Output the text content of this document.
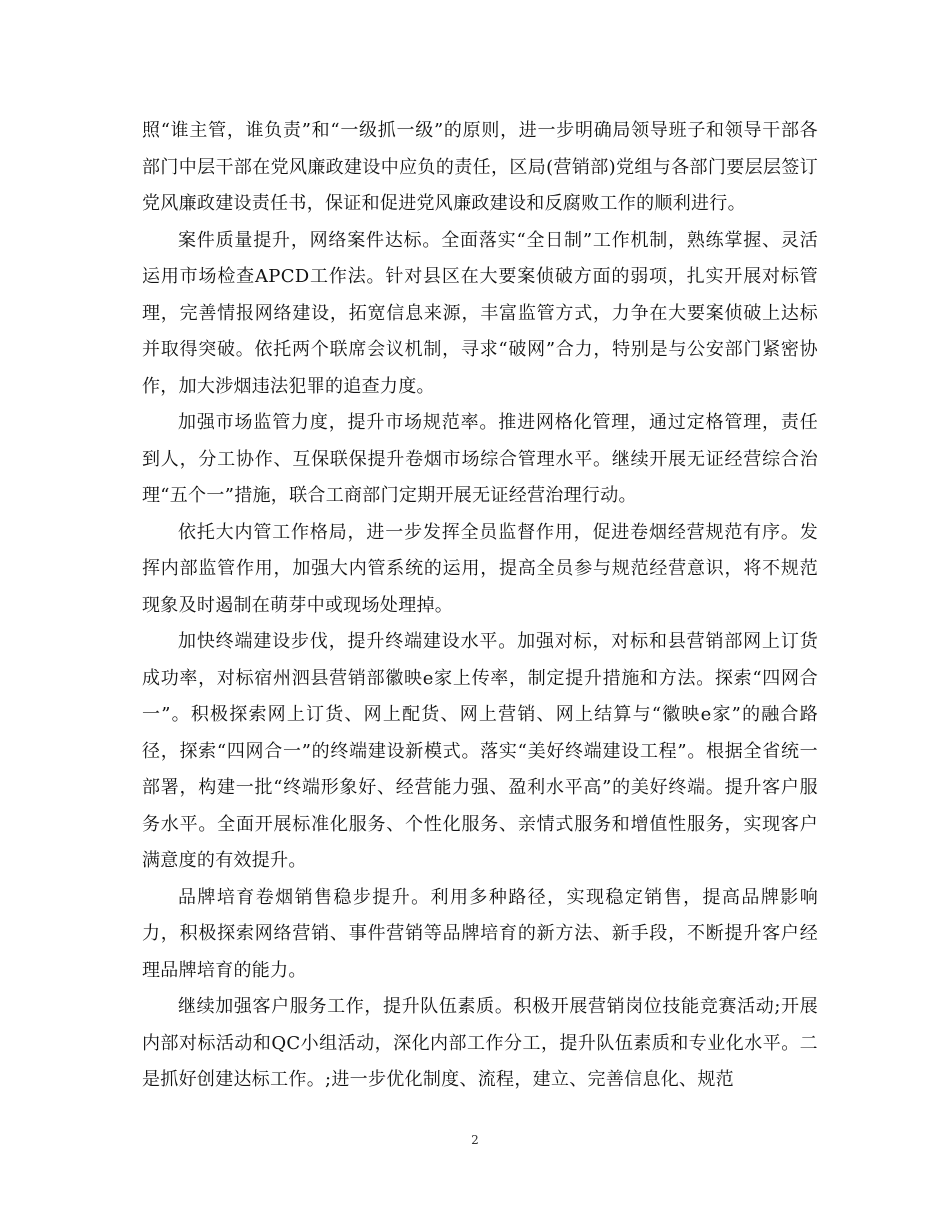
照“谁主管，谁负责”和“一级抓一级”的原则，进一步明确局领导班子和领导干部各部门中层干部在党风廉政建设中应负的责任，区局(营销部)党组与各部门要层层签订党风廉政建设责任书，保证和促进党风廉政建设和反腐败工作的顺利进行。

案件质量提升，网络案件达标。全面落实“全日制”工作机制，熟练掌握、灵活运用市场检查APCD工作法。针对县区在大要案侦破方面的弱项，扎实开展对标管理，完善情报网络建设，拓宽信息来源，丰富监管方式，力争在大要案侦破上达标并取得突破。依托两个联席会议机制，寻求“破网”合力，特别是与公安部门紧密协作，加大涉烟违法犯罪的追查力度。

加强市场监管力度，提升市场规范率。推进网格化管理，通过定格管理，责任到人，分工协作、互保联保提升卷烟市场综合管理水平。继续开展无证经营综合治理“五个一”措施，联合工商部门定期开展无证经营治理行动。

依托大内管工作格局，进一步发挥全员监督作用，促进卷烟经营规范有序。发挥内部监管作用，加强大内管系统的运用，提高全员参与规范经营意识，将不规范现象及时遏制在萌芽中或现场处理掉。

加快终端建设步伐，提升终端建设水平。加强对标，对标和县营销部网上订货成功率，对标宿州泗县营销部徽映e家上传率，制定提升措施和方法。探索“四网合一”。积极探索网上订货、网上配货、网上营销、网上结算与“徽映e家”的融合路径，探索“四网合一”的终端建设新模式。落实“美好终端建设工程”。根据全省统一部署，构建一批“终端形象好、经营能力强、盈利水平高”的美好终端。提升客户服务水平。全面开展标准化服务、个性化服务、亲情式服务和增值性服务，实现客户满意度的有效提升。

品牌培育卷烟销售稳步提升。利用多种路径，实现稳定销售，提高品牌影响力，积极探索网络营销、事件营销等品牌培育的新方法、新手段，不断提升客户经理品牌培育的能力。

继续加强客户服务工作，提升队伍素质。积极开展营销岗位技能竞赛活动;开展内部对标活动和QC小组活动，深化内部工作分工，提升队伍素质和专业化水平。二是抓好创建达标工作。;进一步优化制度、流程，建立、完善信息化、规范

2
